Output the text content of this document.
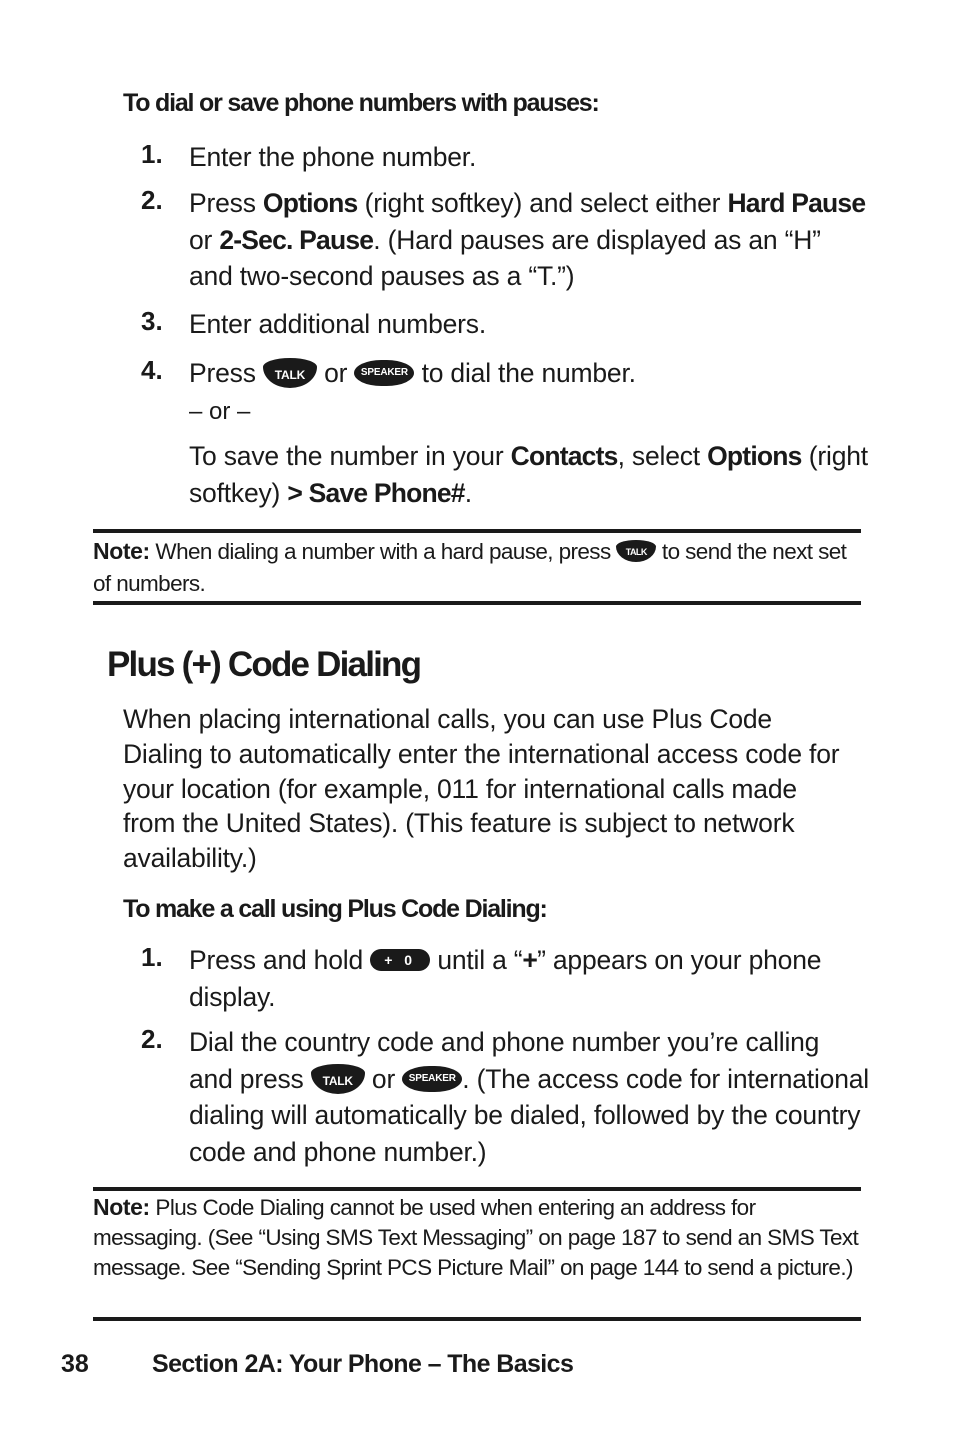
To dial or save phone numbers with pauses:
1. Enter the phone number.
2. Press Options (right softkey) and select either Hard Pause or 2-Sec. Pause. (Hard pauses are displayed as an “H” and two-second pauses as a “T.”)
3. Enter additional numbers.
4. Press TALK or SPEAKER to dial the number.
– or –
To save the number in your Contacts, select Options (right softkey) > Save Phone#.
Note: When dialing a number with a hard pause, press TALK to send the next set of numbers.
Plus (+) Code Dialing
When placing international calls, you can use Plus Code Dialing to automatically enter the international access code for your location (for example, 011 for international calls made from the United States). (This feature is subject to network availability.)
To make a call using Plus Code Dialing:
1. Press and hold + 0 until a “+” appears on your phone display.
2. Dial the country code and phone number you’re calling and press TALK or SPEAKER . (The access code for international dialing will automatically be dialed, followed by the country code and phone number.)
Note: Plus Code Dialing cannot be used when entering an address for messaging. (See “Using SMS Text Messaging” on page 187 to send an SMS Text message. See “Sending Sprint PCS Picture Mail” on page 144 to send a picture.)
38	Section 2A: Your Phone – The Basics
